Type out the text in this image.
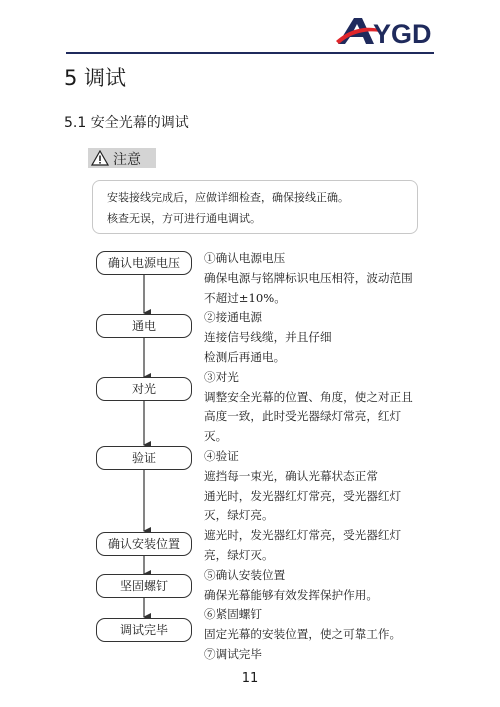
YGD
5 调试
5.1 安全光幕的调试
注意
安装接线完成后，应做详细检查，确保接线正确。
核查无误，方可进行通电调试。
确认电源电压
通电
对光
验证
确认安装位置
坚固螺钉
调试完毕
①确认电源电压
确保电源与铭牌标识电压相符，波动范围
不超过±10%。
②接通电源
连接信号线缆，并且仔细
检测后再通电。
③对光
调整安全光幕的位置、角度，使之对正且
高度一致，此时受光器绿灯常亮，红灯
灭。
④验证
遮挡每一束光，确认光幕状态正常
通光时，发光器红灯常亮，受光器红灯
灭，绿灯亮。
遮光时，发光器红灯常亮，受光器红灯
亮，绿灯灭。
⑤确认安装位置
确保光幕能够有效发挥保护作用。
⑥紧固螺钉
固定光幕的安装位置，使之可靠工作。
⑦调试完毕
11
